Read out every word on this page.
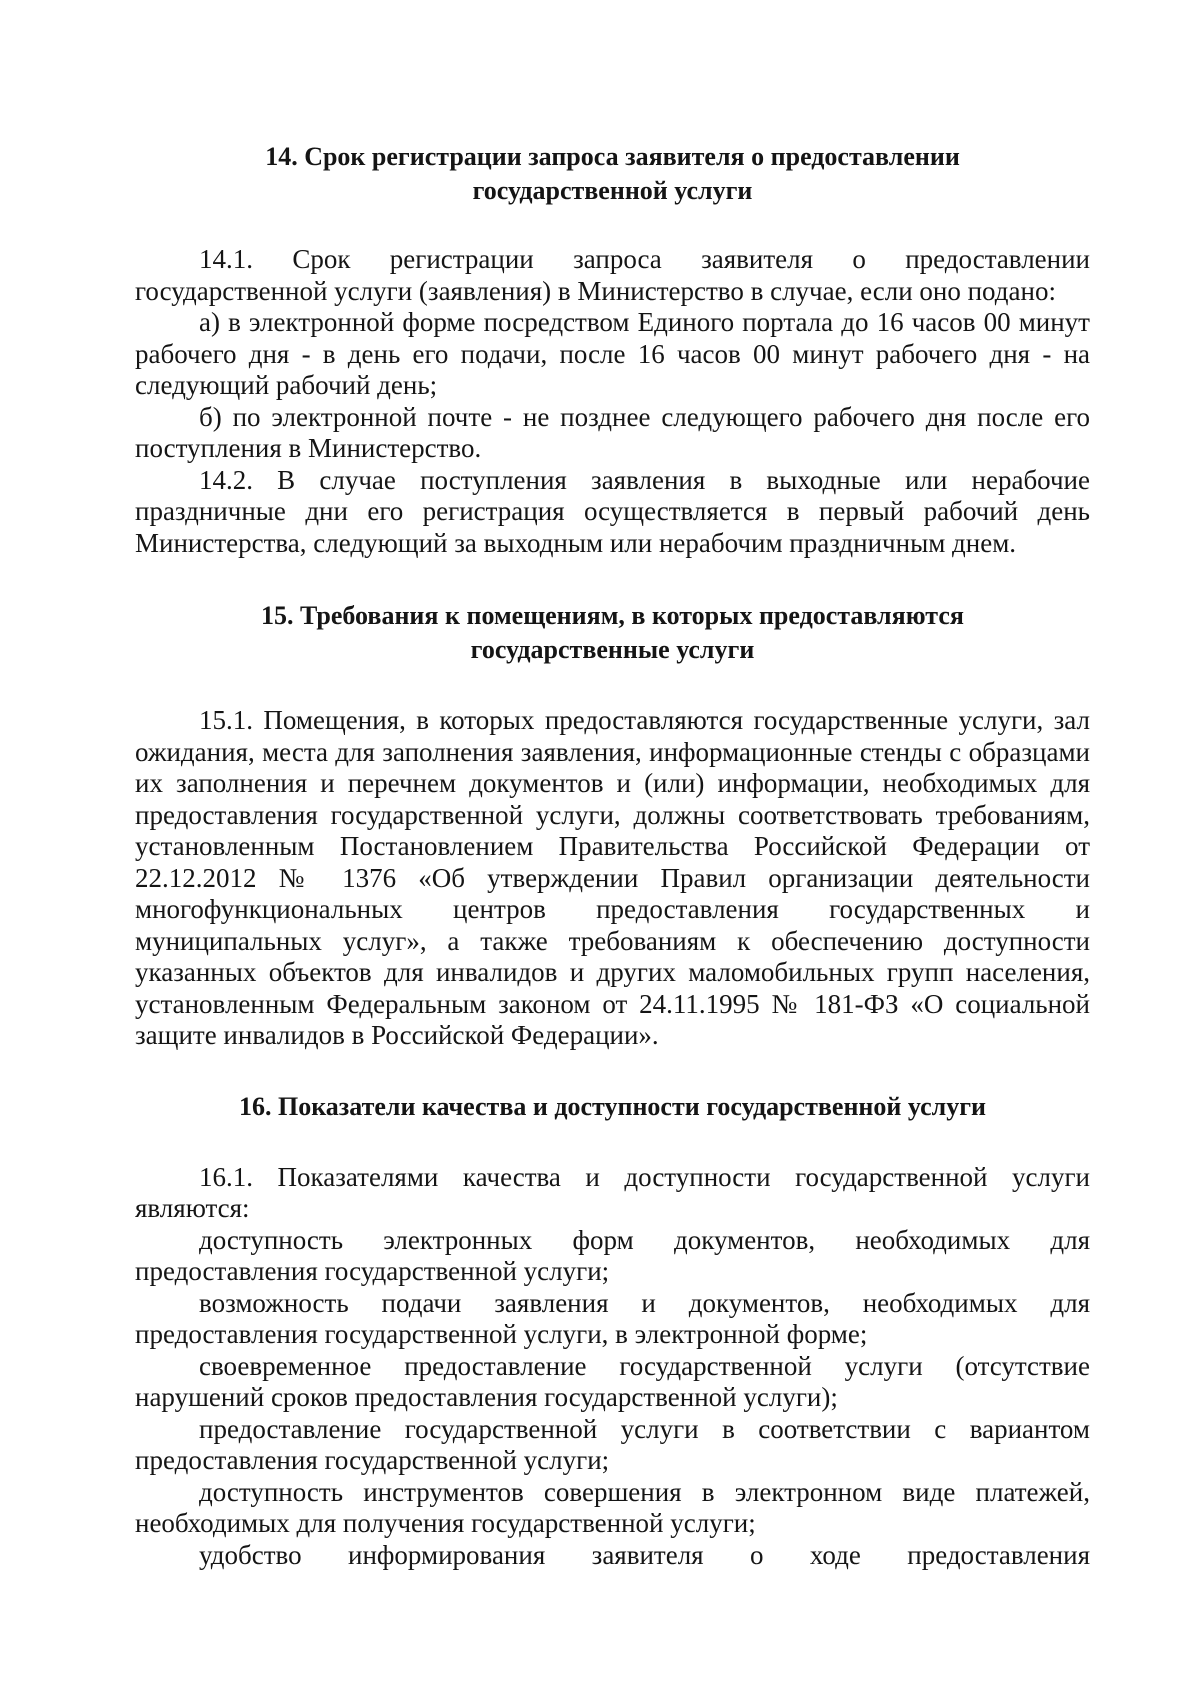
14. Срок регистрации запроса заявителя о предоставлении государственной услуги

14.1. Срок регистрации запроса заявителя о предоставлении государственной услуги (заявления) в Министерство в случае, если оно подано:

а) в электронной форме посредством Единого портала до 16 часов 00 минут рабочего дня - в день его подачи, после 16 часов 00 минут рабочего дня - на следующий рабочий день;

б) по электронной почте - не позднее следующего рабочего дня после его поступления в Министерство.

14.2. В случае поступления заявления в выходные или нерабочие праздничные дни его регистрация осуществляется в первый рабочий день Министерства, следующий за выходным или нерабочим праздничным днем.

15. Требования к помещениям, в которых предоставляются государственные услуги

15.1. Помещения, в которых предоставляются государственные услуги, зал ожидания, места для заполнения заявления, информационные стенды с образцами их заполнения и перечнем документов и (или) информации, необходимых для предоставления государственной услуги, должны соответствовать требованиям, установленным Постановлением Правительства Российской Федерации от 22.12.2012 № 1376 «Об утверждении Правил организации деятельности многофункциональных центров предоставления государственных и муниципальных услуг», а также требованиям к обеспечению доступности указанных объектов для инвалидов и других маломобильных групп населения, установленным Федеральным законом от 24.11.1995 № 181-ФЗ «О социальной защите инвалидов в Российской Федерации».

16. Показатели качества и доступности государственной услуги

16.1. Показателями качества и доступности государственной услуги являются:

доступность электронных форм документов, необходимых для предоставления государственной услуги;

возможность подачи заявления и документов, необходимых для предоставления государственной услуги, в электронной форме;

своевременное предоставление государственной услуги (отсутствие нарушений сроков предоставления государственной услуги);

предоставление государственной услуги в соответствии с вариантом предоставления государственной услуги;

доступность инструментов совершения в электронном виде платежей, необходимых для получения государственной услуги;

удобство информирования заявителя о ходе предоставления
